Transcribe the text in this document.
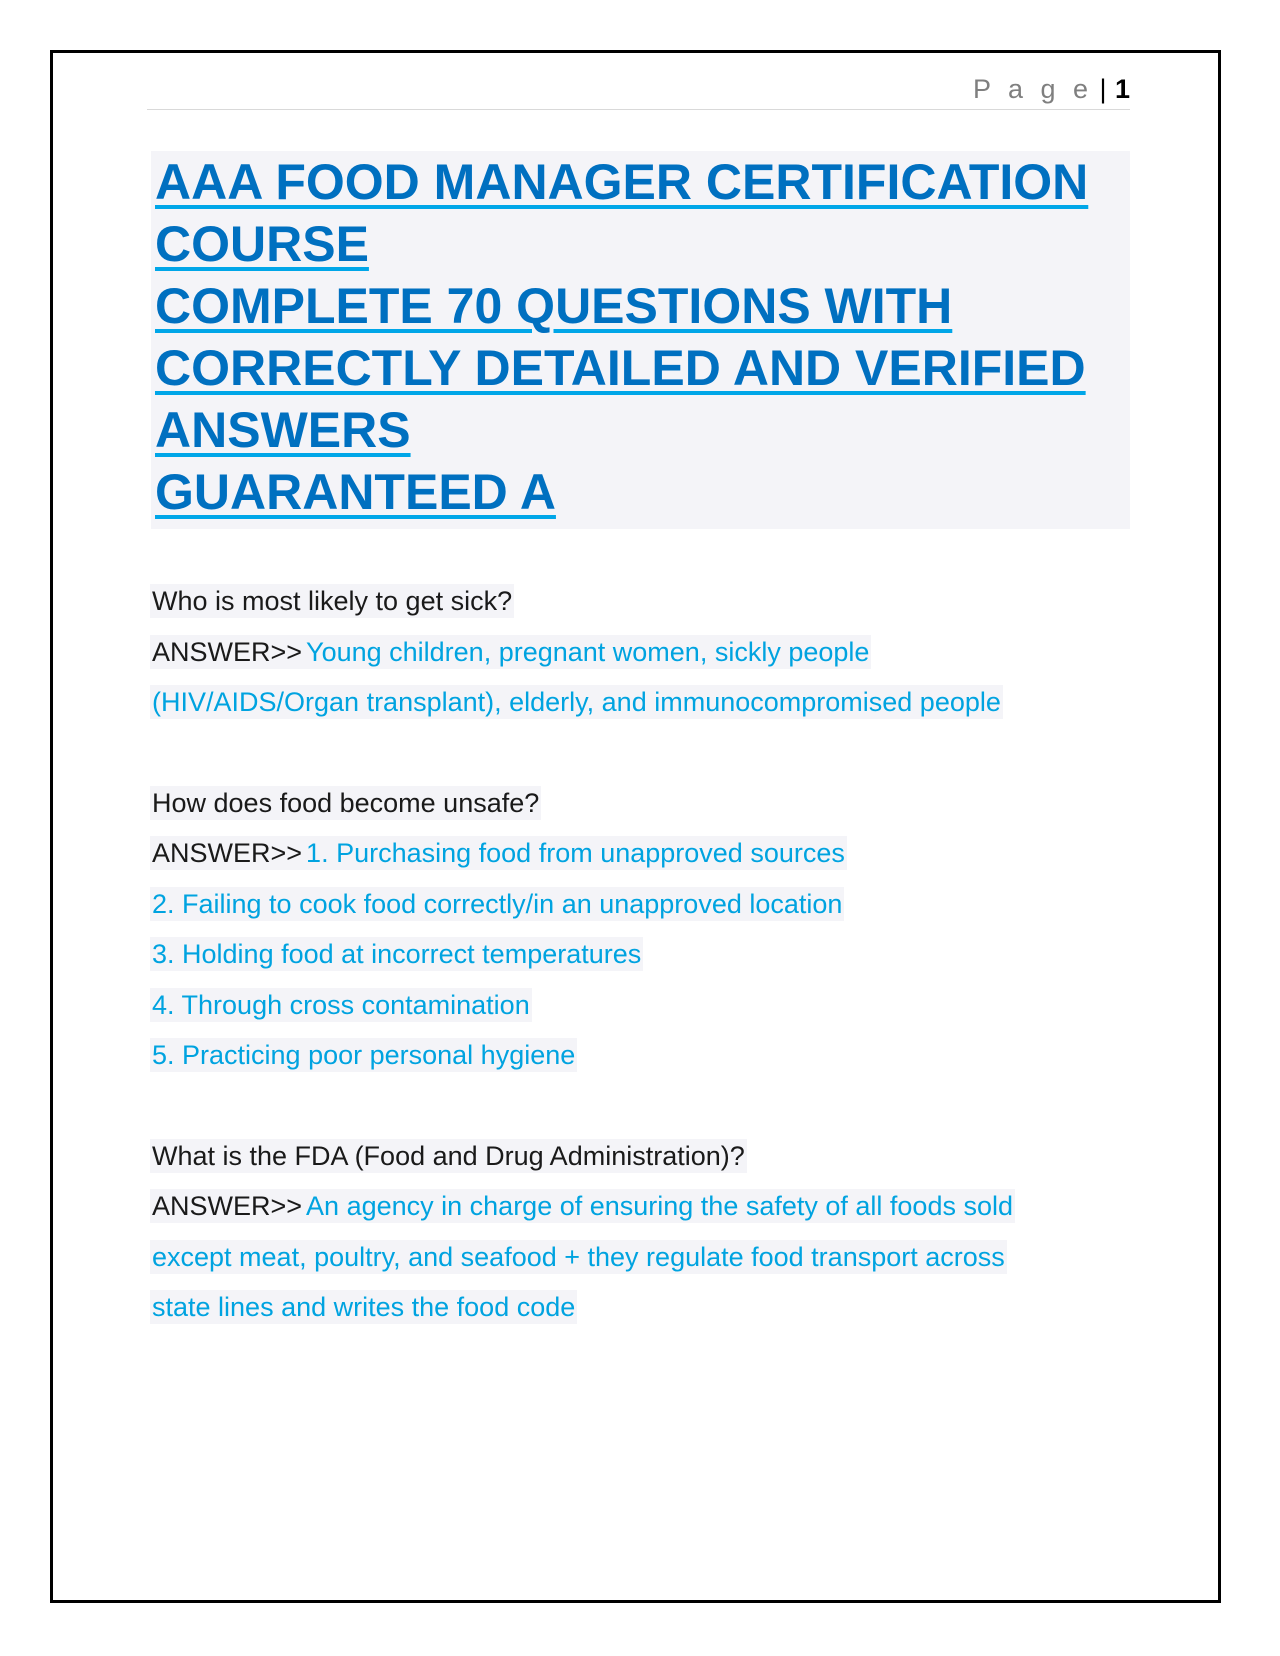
P a g e | 1
AAA FOOD MANAGER CERTIFICATION
COURSE
COMPLETE 70 QUESTIONS WITH
CORRECTLY DETAILED AND VERIFIED
ANSWERS
GUARANTEED A
Who is most likely to get sick?
ANSWER>> Young children, pregnant women, sickly people
(HIV/AIDS/Organ transplant), elderly, and immunocompromised people
How does food become unsafe?
ANSWER>> 1. Purchasing food from unapproved sources
2. Failing to cook food correctly/in an unapproved location
3. Holding food at incorrect temperatures
4. Through cross contamination
5. Practicing poor personal hygiene
What is the FDA (Food and Drug Administration)?
ANSWER>> An agency in charge of ensuring the safety of all foods sold
except meat, poultry, and seafood + they regulate food transport across
state lines and writes the food code
